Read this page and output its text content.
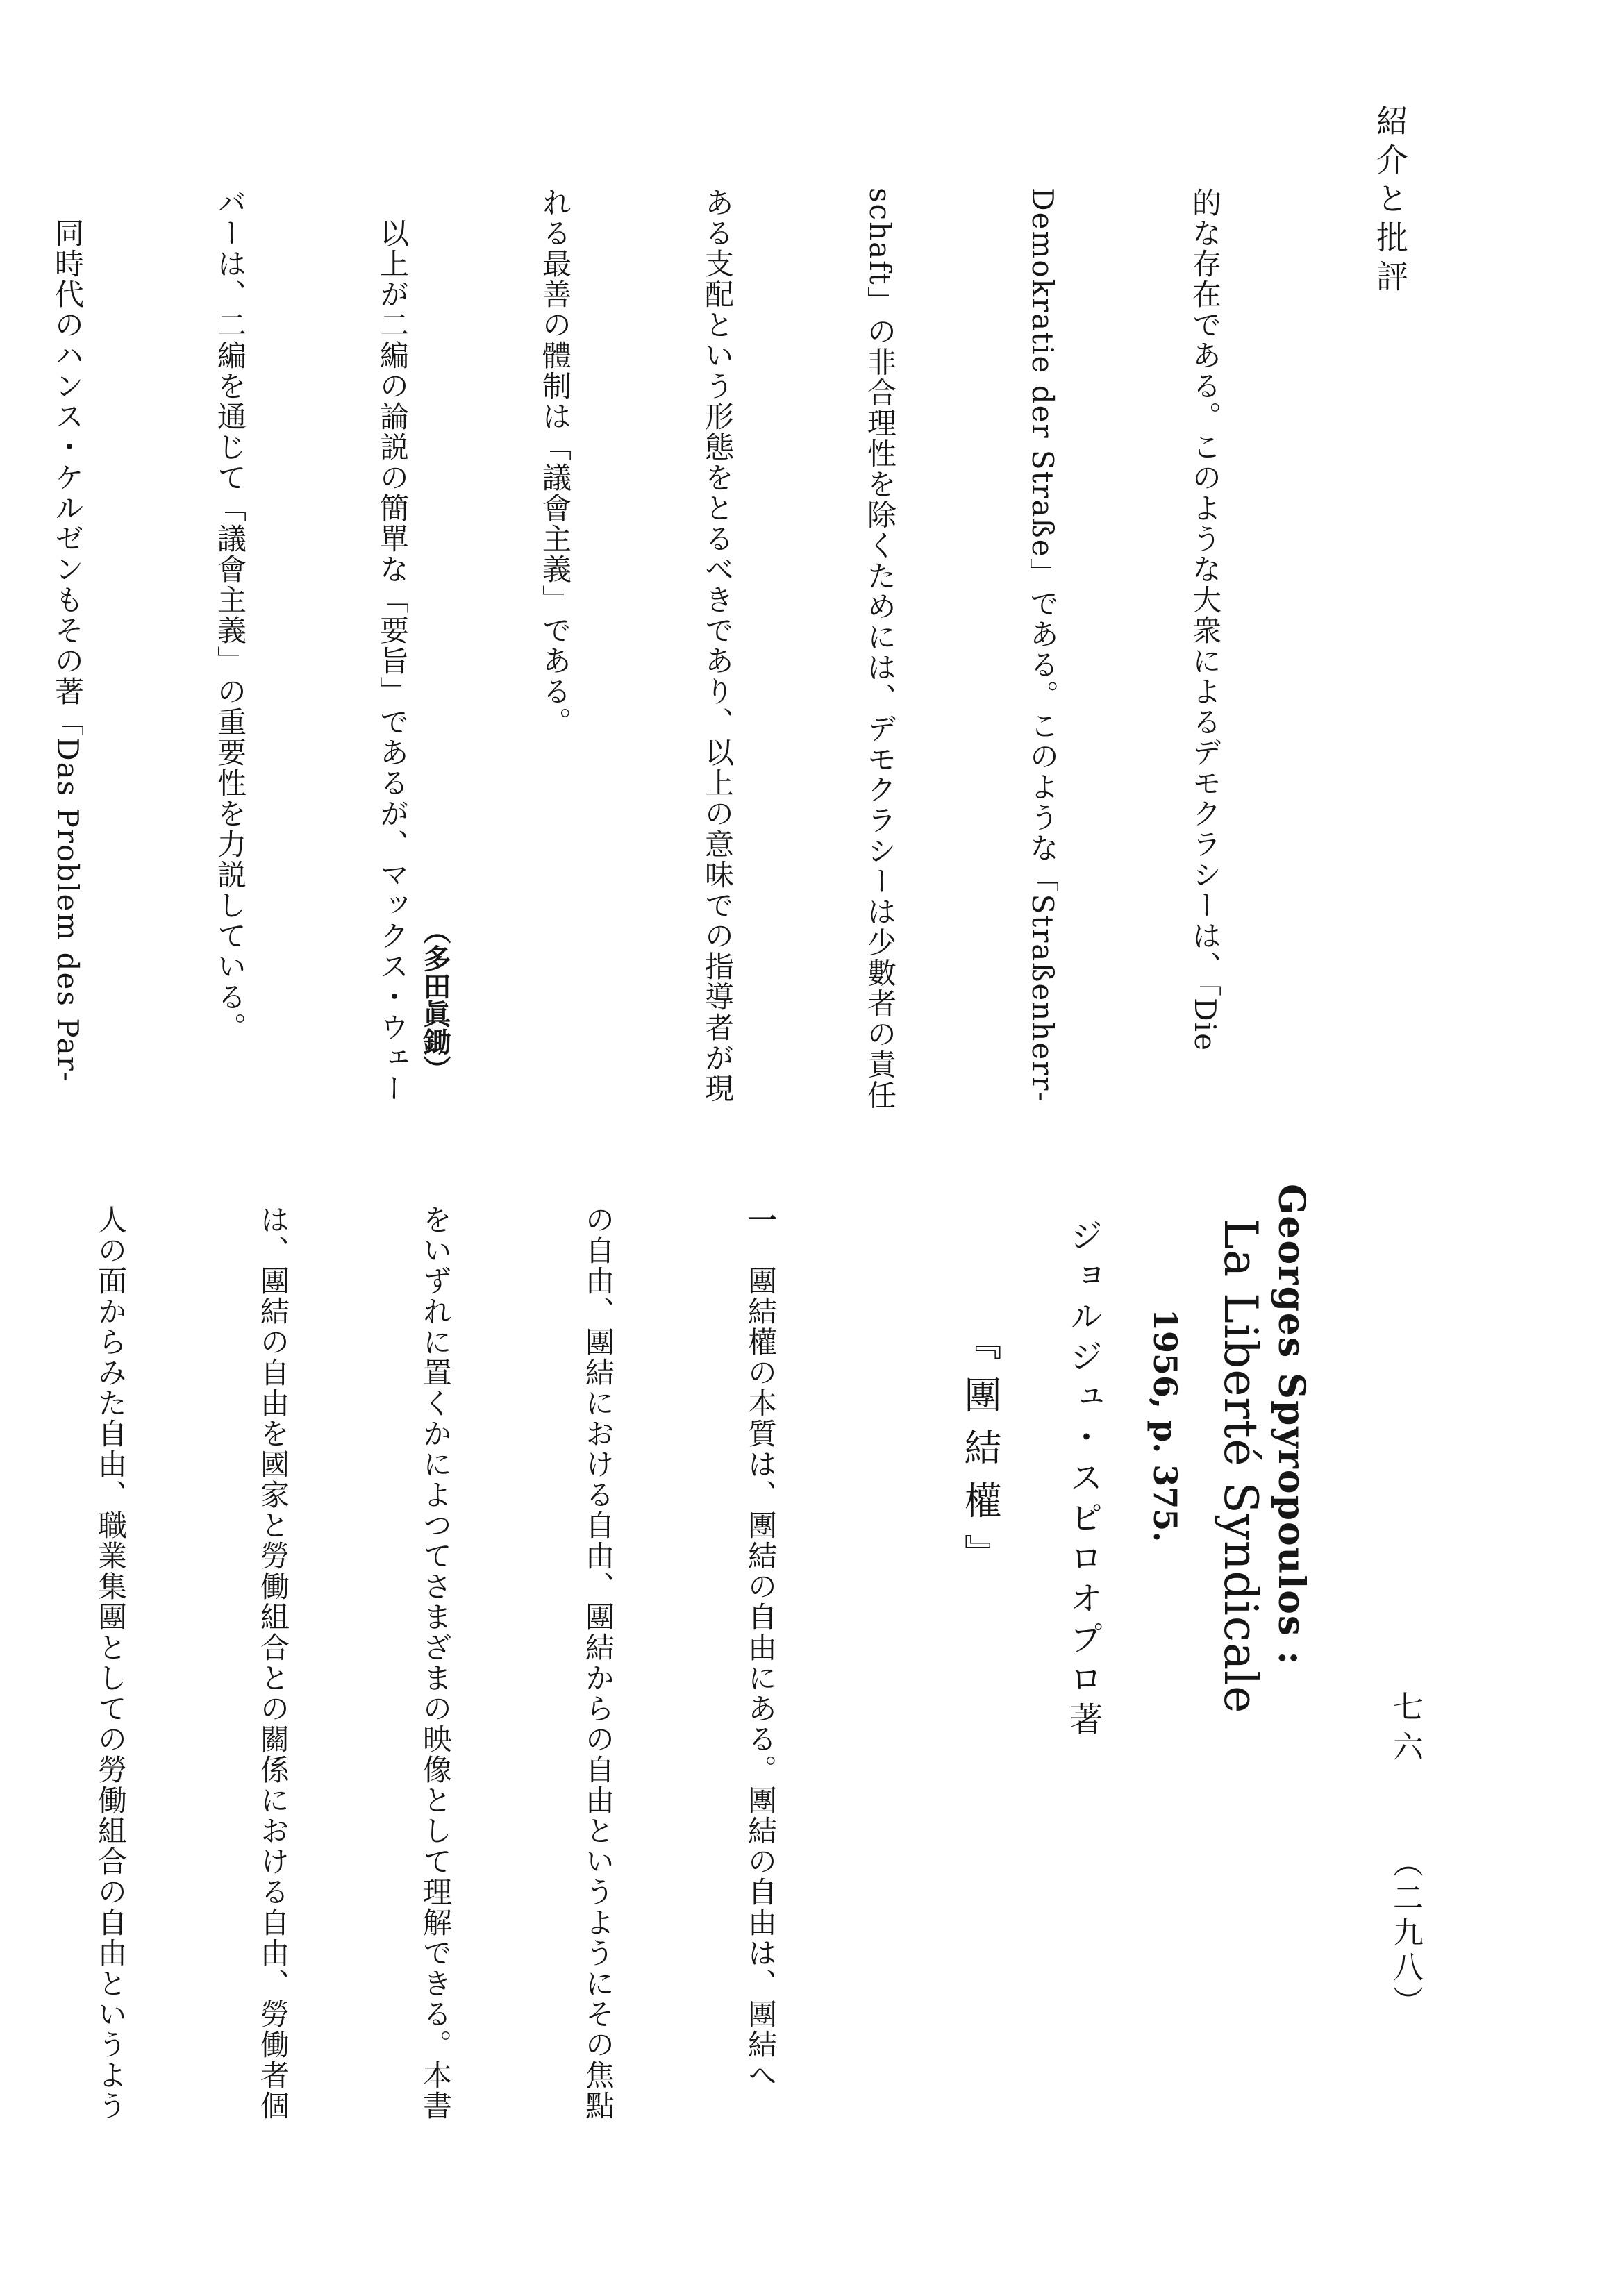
紹介と批評
七六
（二九八）

的な存在である。このような大衆によるデモクラシーは、「Die

Demokratie der Straße」である。このような「Straßenherr-

schaft」の非合理性を除くためには、デモクラシーは少數者の責任

ある支配という形態をとるべきであり、以上の意味での指導者が現

れる最善の體制は「議會主義」である。

　以上が二編の論説の簡單な「要旨」であるが、マックス・ウェー

バーは、二編を通じて「議會主義」の重要性を力説している。

　同時代のハンス・ケルゼンもその著「Das Problem des Par-

	（多田眞鋤）
Georges Spyropoulos :
La Liberté Syndicale
1956, p. 375.
ジョルジュ・スピロオプロ著
『團結權』

一　團結權の本質は、團結の自由にある。團結の自由は、團結へ

の自由、團結における自由、團結からの自由というようにその焦點

をいずれに置くかによつてさまざまの映像として理解できる。本書

は、團結の自由を國家と勞働組合との關係における自由、勞働者個

人の面からみた自由、職業集團としての勞働組合の自由というよう
